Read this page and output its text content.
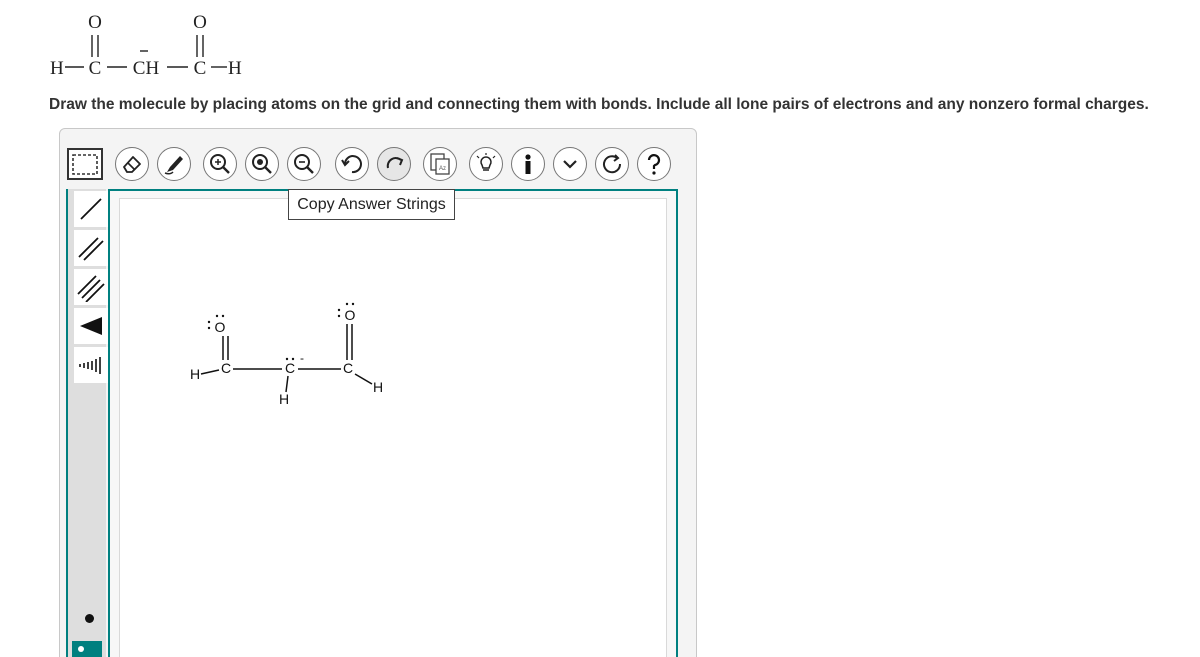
O	O
H C CH C H
Draw the molecule by placing atoms on the grid and connecting them with bonds. Include all lone pairs of electrons and any nonzero formal charges.
Az
Copy Answer Strings
O
O
H C	C	C
H
H
-
